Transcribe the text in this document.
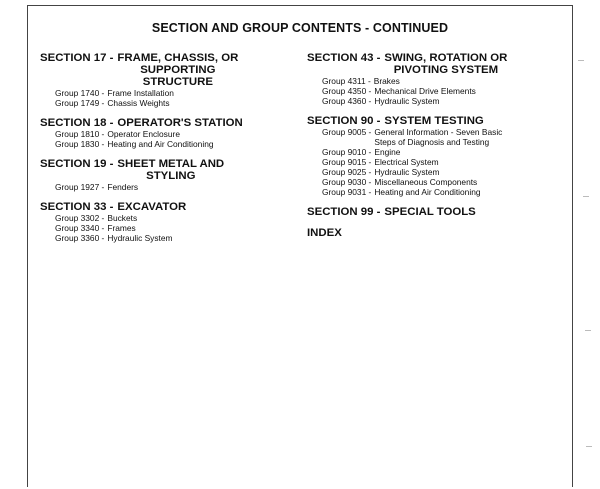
SECTION AND GROUP CONTENTS - CONTINUED
SECTION 17 - FRAME, CHASSIS, OR
SUPPORTING
STRUCTURE
Group 1740 - Frame Installation
Group 1749 - Chassis Weights
SECTION 18 - OPERATOR'S STATION
Group 1810 - Operator Enclosure
Group 1830 - Heating and Air Conditioning
SECTION 19 - SHEET METAL AND
STYLING
Group 1927 - Fenders
SECTION 33 - EXCAVATOR
Group 3302 - Buckets
Group 3340 - Frames
Group 3360 - Hydraulic System
SECTION 43 - SWING, ROTATION OR
PIVOTING SYSTEM
Group 4311 - Brakes
Group 4350 - Mechanical Drive Elements
Group 4360 - Hydraulic System
SECTION 90 - SYSTEM TESTING
Group 9005 - General Information - Seven Basic
Steps of Diagnosis and Testing
Group 9010 - Engine
Group 9015 - Electrical System
Group 9025 - Hydraulic System
Group 9030 - Miscellaneous Components
Group 9031 - Heating and Air Conditioning
SECTION 99 - SPECIAL TOOLS
INDEX
